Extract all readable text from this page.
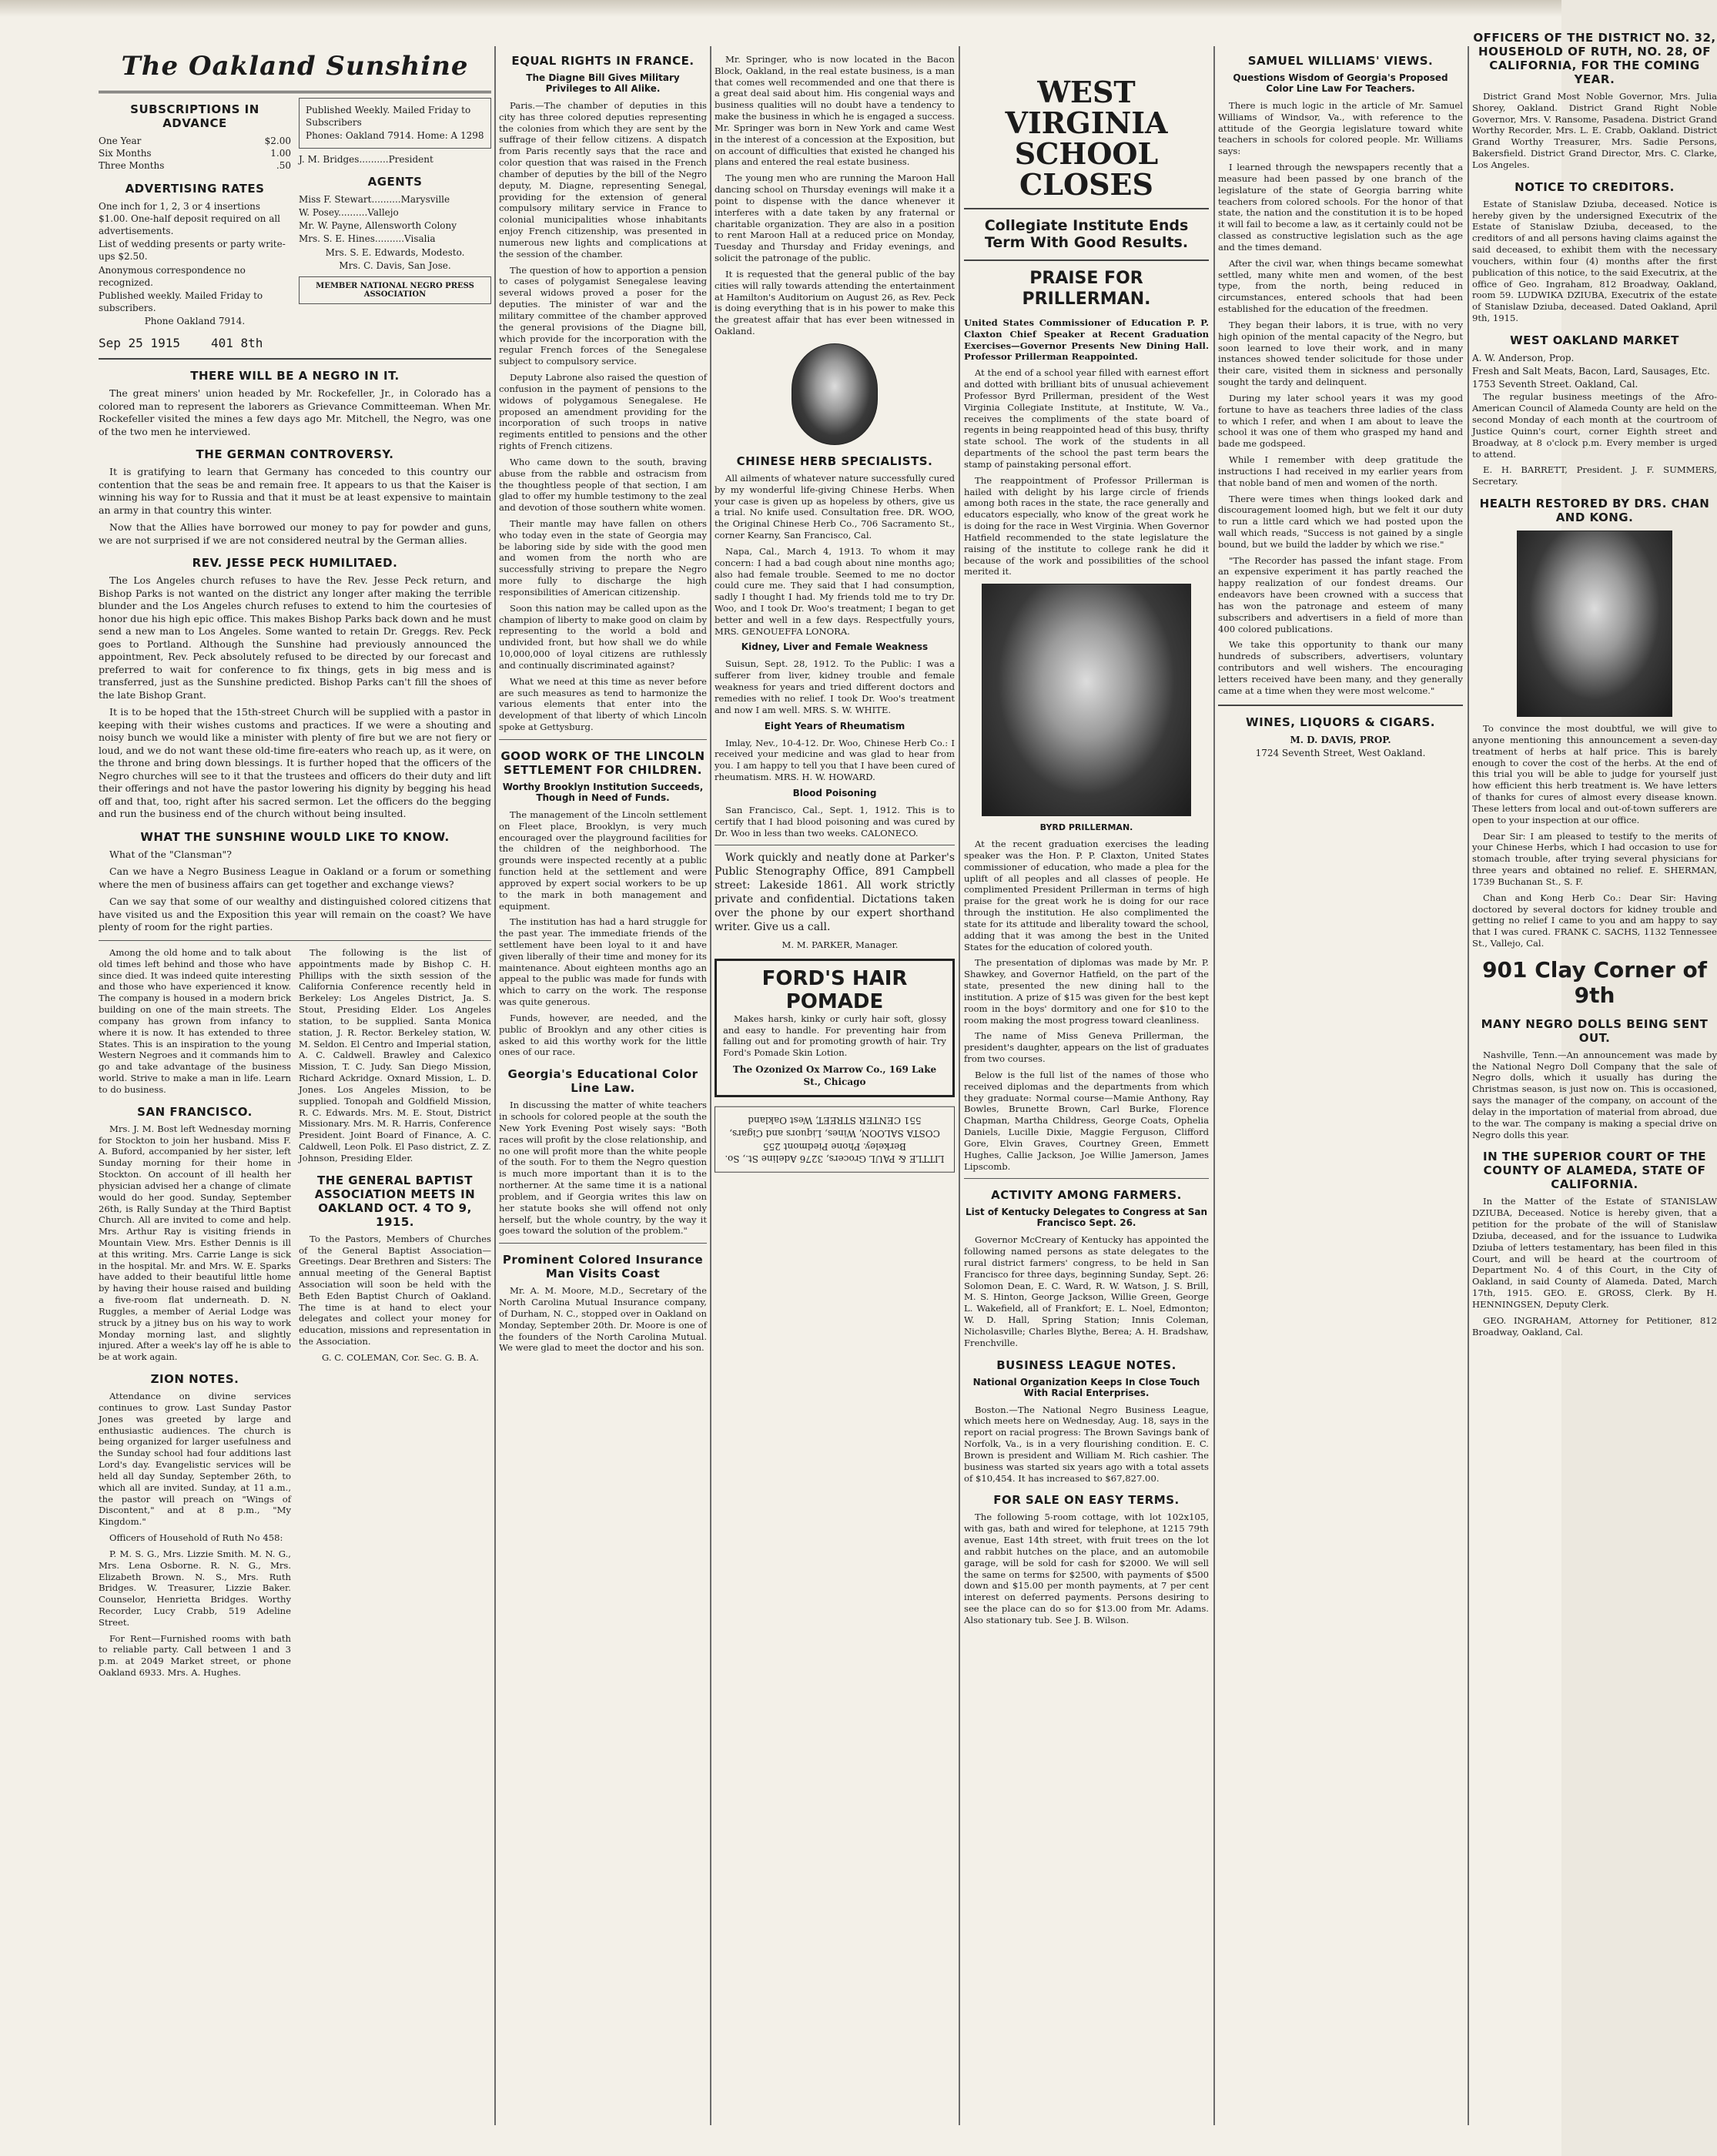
The Oakland Sunshine
SUBSCRIPTIONS IN ADVANCE
One Year	$2.00
Six Months	1.00
Three Months	.50
ADVERTISING RATES
One inch for 1, 2, 3 or 4 insertions $1.00. One-half deposit required on all advertisements.
List of wedding presents or party write-ups $2.50.
Anonymous correspondence no recognized.
Published weekly. Mailed Friday to subscribers.
Phone Oakland 7914.
Published Weekly. Mailed Friday to Subscribers
Phones: Oakland 7914. Home: A 1298
J. M. Bridges..........President
AGENTS
Miss F. Stewart..........Marysville
W. Posey..........Vallejo
Mr. W. Payne, Allensworth Colony
Mrs. S. E. Hines..........Visalia
Mrs. S. E. Edwards, Modesto.
Mrs. C. Davis, San Jose.
MEMBER NATIONAL NEGRO PRESS ASSOCIATION
Sep 25 1915	401 8th
THERE WILL BE A NEGRO IN IT.

The great miners' union headed by Mr. Rockefeller, Jr., in Colorado has a colored man to represent the laborers as Grievance Committeeman. When Mr. Rockefeller visited the mines a few days ago Mr. Mitchell, the Negro, was one of the two men he interviewed.

THE GERMAN CONTROVERSY.

It is gratifying to learn that Germany has conceded to this country our contention that the seas be and remain free. It appears to us that the Kaiser is winning his way for to Russia and that it must be at least expensive to maintain an army in that country this winter.

Now that the Allies have borrowed our money to pay for powder and guns, we are not surprised if we are not considered neutral by the German allies.

REV. JESSE PECK HUMILITAED.

The Los Angeles church refuses to have the Rev. Jesse Peck return, and Bishop Parks is not wanted on the district any longer after making the terrible blunder and the Los Angeles church refuses to extend to him the courtesies of honor due his high epic office. This makes Bishop Parks back down and he must send a new man to Los Angeles. Some wanted to retain Dr. Greggs. Rev. Peck goes to Portland. Although the Sunshine had previously announced the appointment, Rev. Peck absolutely refused to be directed by our forecast and preferred to wait for conference to fix things, gets in big mess and is transferred, just as the Sunshine predicted. Bishop Parks can't fill the shoes of the late Bishop Grant.

It is to be hoped that the 15th-street Church will be supplied with a pastor in keeping with their wishes customs and practices. If we were a shouting and noisy bunch we would like a minister with plenty of fire but we are not fiery or loud, and we do not want these old-time fire-eaters who reach up, as it were, on the throne and bring down blessings. It is further hoped that the officers of the Negro churches will see to it that the trustees and officers do their duty and lift their offerings and not have the pastor lowering his dignity by begging his head off and that, too, right after his sacred sermon. Let the officers do the begging and run the business end of the church without being insulted.

WHAT THE SUNSHINE WOULD LIKE TO KNOW.

What of the "Clansman"?

Can we have a Negro Business League in Oakland or a forum or something where the men of business affairs can get together and exchange views?

Can we say that some of our wealthy and distinguished colored citizens that have visited us and the Exposition this year will remain on the coast? We have plenty of room for the right parties.

Among the old home and to talk about old times left behind and those who have since died. It was indeed quite interesting and those who have experienced it know. The company is housed in a modern brick building on one of the main streets. The company has grown from infancy to where it is now. It has extended to three States. This is an inspiration to the young Western Negroes and it commands him to go and take advantage of the business world. Strive to make a man in life. Learn to do business.

SAN FRANCISCO.

Mrs. J. M. Bost left Wednesday morning for Stockton to join her husband. Miss F. A. Buford, accompanied by her sister, left Sunday morning for their home in Stockton. On account of ill health her physician advised her a change of climate would do her good. Sunday, September 26th, is Rally Sunday at the Third Baptist Church. All are invited to come and help. Mrs. Arthur Ray is visiting friends in Mountain View. Mrs. Esther Dennis is ill at this writing. Mrs. Carrie Lange is sick in the hospital. Mr. and Mrs. W. E. Sparks have added to their beautiful little home by having their house raised and building a five-room flat underneath. D. N. Ruggles, a member of Aerial Lodge was struck by a jitney bus on his way to work Monday morning last, and slightly injured. After a week's lay off he is able to be at work again.

ZION NOTES.

Attendance on divine services continues to grow. Last Sunday Pastor Jones was greeted by large and enthusiastic audiences. The church is being organized for larger usefulness and the Sunday school had four additions last Lord's day. Evangelistic services will be held all day Sunday, September 26th, to which all are invited. Sunday, at 11 a.m., the pastor will preach on "Wings of Discontent," and at 8 p.m., "My Kingdom."

Officers of Household of Ruth No 458:

P. M. S. G., Mrs. Lizzie Smith. M. N. G., Mrs. Lena Osborne. R. N. G., Mrs. Elizabeth Brown. N. S., Mrs. Ruth Bridges. W. Treasurer, Lizzie Baker. Counselor, Henrietta Bridges. Worthy Recorder, Lucy Crabb, 519 Adeline Street.

For Rent—Furnished rooms with bath to reliable party. Call between 1 and 3 p.m. at 2049 Market street, or phone Oakland 6933. Mrs. A. Hughes.

The following is the list of appointments made by Bishop C. H. Phillips with the sixth session of the California Conference recently held in Berkeley: Los Angeles District, Ja. S. Stout, Presiding Elder. Los Angeles station, to be supplied. Santa Monica station, J. R. Rector. Berkeley station, W. M. Seldon. El Centro and Imperial station, A. C. Caldwell. Brawley and Calexico Mission, T. C. Judy. San Diego Mission, Richard Ackridge. Oxnard Mission, L. D. Jones. Los Angeles Mission, to be supplied. Tonopah and Goldfield Mission, R. C. Edwards. Mrs. M. E. Stout, District Missionary. Mrs. M. R. Harris, Conference President. Joint Board of Finance, A. C. Caldwell, Leon Polk. El Paso district, Z. Z. Johnson, Presiding Elder.

THE GENERAL BAPTIST ASSOCIATION MEETS IN OAKLAND OCT. 4 TO 9, 1915.

To the Pastors, Members of Churches of the General Baptist Association—Greetings. Dear Brethren and Sisters: The annual meeting of the General Baptist Association will soon be held with the Beth Eden Baptist Church of Oakland. The time is at hand to elect your delegates and collect your money for education, missions and representation in the Association.

G. C. COLEMAN, Cor. Sec. G. B. A.

EQUAL RIGHTS IN FRANCE.
The Diagne Bill Gives Military Privileges to All Alike.

Paris.—The chamber of deputies in this city has three colored deputies representing the colonies from which they are sent by the suffrage of their fellow citizens. A dispatch from Paris recently says that the race and color question that was raised in the French chamber of deputies by the bill of the Negro deputy, M. Diagne, representing Senegal, providing for the extension of general compulsory military service in France to colonial municipalities whose inhabitants enjoy French citizenship, was presented in numerous new lights and complications at the session of the chamber.

The question of how to apportion a pension to cases of polygamist Senegalese leaving several widows proved a poser for the deputies. The minister of war and the military committee of the chamber approved the general provisions of the Diagne bill, which provide for the incorporation with the regular French forces of the Senegalese subject to compulsory service.

Deputy Labrone also raised the question of confusion in the payment of pensions to the widows of polygamous Senegalese. He proposed an amendment providing for the incorporation of such troops in native regiments entitled to pensions and the other rights of French citizens.

Who came down to the south, braving abuse from the rabble and ostracism from the thoughtless people of that section, I am glad to offer my humble testimony to the zeal and devotion of those southern white women.

Their mantle may have fallen on others who today even in the state of Georgia may be laboring side by side with the good men and women from the north who are successfully striving to prepare the Negro more fully to discharge the high responsibilities of American citizenship.

Soon this nation may be called upon as the champion of liberty to make good on claim by representing to the world a bold and undivided front, but how shall we do while 10,000,000 of loyal citizens are ruthlessly and continually discriminated against?

What we need at this time as never before are such measures as tend to harmonize the various elements that enter into the development of that liberty of which Lincoln spoke at Gettysburg.

GOOD WORK OF THE LINCOLN SETTLEMENT FOR CHILDREN.
Worthy Brooklyn Institution Succeeds, Though in Need of Funds.

The management of the Lincoln settlement on Fleet place, Brooklyn, is very much encouraged over the playground facilities for the children of the neighborhood. The grounds were inspected recently at a public function held at the settlement and were approved by expert social workers to be up to the mark in both management and equipment.

The institution has had a hard struggle for the past year. The immediate friends of the settlement have been loyal to it and have given liberally of their time and money for its maintenance. About eighteen months ago an appeal to the public was made for funds with which to carry on the work. The response was quite generous.

Funds, however, are needed, and the public of Brooklyn and any other cities is asked to aid this worthy work for the little ones of our race.

Georgia's Educational Color Line Law.

In discussing the matter of white teachers in schools for colored people at the south the New York Evening Post wisely says: "Both races will profit by the close relationship, and no one will profit more than the white people of the south. For to them the Negro question is much more important than it is to the northerner. At the same time it is a national problem, and if Georgia writes this law on her statute books she will offend not only herself, but the whole country, by the way it goes toward the solution of the problem."

Prominent Colored Insurance Man Visits Coast

Mr. A. M. Moore, M.D., Secretary of the North Carolina Mutual Insurance company, of Durham, N. C., stopped over in Oakland on Monday, September 20th. Dr. Moore is one of the founders of the North Carolina Mutual. We were glad to meet the doctor and his son.

Mr. Springer, who is now located in the Bacon Block, Oakland, in the real estate business, is a man that comes well recommended and one that there is a great deal said about him. His congenial ways and business qualities will no doubt have a tendency to make the business in which he is engaged a success. Mr. Springer was born in New York and came West in the interest of a concession at the Exposition, but on account of difficulties that existed he changed his plans and entered the real estate business.

The young men who are running the Maroon Hall dancing school on Thursday evenings will make it a point to dispense with the dance whenever it interferes with a date taken by any fraternal or charitable organization. They are also in a position to rent Maroon Hall at a reduced price on Monday, Tuesday and Thursday and Friday evenings, and solicit the patronage of the public.

It is requested that the general public of the bay cities will rally towards attending the entertainment at Hamilton's Auditorium on August 26, as Rev. Peck is doing everything that is in his power to make this the greatest affair that has ever been witnessed in Oakland.

CHINESE HERB SPECIALISTS.

All ailments of whatever nature successfully cured by my wonderful life-giving Chinese Herbs. When your case is given up as hopeless by others, give us a trial. No knife used. Consultation free. DR. WOO, the Original Chinese Herb Co., 706 Sacramento St., corner Kearny, San Francisco, Cal.

Napa, Cal., March 4, 1913. To whom it may concern: I had a bad cough about nine months ago; also had female trouble. Seemed to me no doctor could cure me. They said that I had consumption, sadly I thought I had. My friends told me to try Dr. Woo, and I took Dr. Woo's treatment; I began to get better and well in a few days. Respectfully yours, MRS. GENOUEFFA LONORA.

Kidney, Liver and Female Weakness

Suisun, Sept. 28, 1912. To the Public: I was a sufferer from liver, kidney trouble and female weakness for years and tried different doctors and remedies with no relief. I took Dr. Woo's treatment and now I am well. MRS. S. W. WHITE.

Eight Years of Rheumatism

Imlay, Nev., 10-4-12. Dr. Woo, Chinese Herb Co.: I received your medicine and was glad to hear from you. I am happy to tell you that I have been cured of rheumatism. MRS. H. W. HOWARD.

Blood Poisoning

San Francisco, Cal., Sept. 1, 1912. This is to certify that I had blood poisoning and was cured by Dr. Woo in less than two weeks. CALONECO.

Work quickly and neatly done at Parker's Public Stenography Office, 891 Campbell street: Lakeside 1861. All work strictly private and confidential. Dictations taken over the phone by our expert shorthand writer. Give us a call.

M. M. PARKER, Manager.

FORD'S HAIR POMADE

Makes harsh, kinky or curly hair soft, glossy and easy to handle. For preventing hair from falling out and for promoting growth of hair. Try Ford's Pomade Skin Lotion.

The Ozonized Ox Marrow Co., 169 Lake St., Chicago
LITTLE & PAUL Grocers, 3276 Adeline St., So. Berkeley. Phone Piedmont 255
COSTA SALOON, Wines, Liquors and Cigars, 551 CENTER STREET, West Oakland
WEST VIRGINIA SCHOOL CLOSES
Collegiate Institute Ends Term With Good Results.
PRAISE FOR PRILLERMAN.

United States Commissioner of Education P. P. Claxton Chief Speaker at Recent Graduation Exercises—Governor Presents New Dining Hall. Professor Prillerman Reappointed.

At the end of a school year filled with earnest effort and dotted with brilliant bits of unusual achievement Professor Byrd Prillerman, president of the West Virginia Collegiate Institute, at Institute, W. Va., receives the compliments of the state board of regents in being reappointed head of this busy, thrifty state school. The work of the students in all departments of the school the past term bears the stamp of painstaking personal effort.

The reappointment of Professor Prillerman is hailed with delight by his large circle of friends among both races in the state, the race generally and educators especially, who know of the great work he is doing for the race in West Virginia. When Governor Hatfield recommended to the state legislature the raising of the institute to college rank he did it because of the work and possibilities of the school merited it.

BYRD PRILLERMAN.

At the recent graduation exercises the leading speaker was the Hon. P. P. Claxton, United States commissioner of education, who made a plea for the uplift of all peoples and all classes of people. He complimented President Prillerman in terms of high praise for the great work he is doing for our race through the institution. He also complimented the state for its attitude and liberality toward the school, adding that it was among the best in the United States for the education of colored youth.

The presentation of diplomas was made by Mr. P. Shawkey, and Governor Hatfield, on the part of the state, presented the new dining hall to the institution. A prize of $15 was given for the best kept room in the boys' dormitory and one for $10 to the room making the most progress toward cleanliness.

The name of Miss Geneva Prillerman, the president's daughter, appears on the list of graduates from two courses.

Below is the full list of the names of those who received diplomas and the departments from which they graduate: Normal course—Mamie Anthony, Ray Bowles, Brunette Brown, Carl Burke, Florence Chapman, Martha Childress, George Coats, Ophelia Daniels, Lucille Dixie, Maggie Ferguson, Clifford Gore, Elvin Graves, Courtney Green, Emmett Hughes, Callie Jackson, Joe Willie Jamerson, James Lipscomb.

ACTIVITY AMONG FARMERS.
List of Kentucky Delegates to Congress at San Francisco Sept. 26.

Governor McCreary of Kentucky has appointed the following named persons as state delegates to the rural district farmers' congress, to be held in San Francisco for three days, beginning Sunday, Sept. 26: Solomon Dean, E. C. Ward, R. W. Watson, J. S. Brill, M. S. Hinton, George Jackson, Willie Green, George L. Wakefield, all of Frankfort; E. L. Noel, Edmonton; W. D. Hall, Spring Station; Innis Coleman, Nicholasville; Charles Blythe, Berea; A. H. Bradshaw, Frenchville.

BUSINESS LEAGUE NOTES.
National Organization Keeps In Close Touch With Racial Enterprises.

Boston.—The National Negro Business League, which meets here on Wednesday, Aug. 18, says in the report on racial progress: The Brown Savings bank of Norfolk, Va., is in a very flourishing condition. E. C. Brown is president and William M. Rich cashier. The business was started six years ago with a total assets of $10,454. It has increased to $67,827.00.

FOR SALE ON EASY TERMS.

The following 5-room cottage, with lot 102x105, with gas, bath and wired for telephone, at 1215 79th avenue, East 14th street, with fruit trees on the lot and rabbit hutches on the place, and an automobile garage, will be sold for cash for $2000. We will sell the same on terms for $2500, with payments of $500 down and $15.00 per month payments, at 7 per cent interest on deferred payments. Persons desiring to see the place can do so for $13.00 from Mr. Adams. Also stationary tub. See J. B. Wilson.

SAMUEL WILLIAMS' VIEWS.
Questions Wisdom of Georgia's Proposed Color Line Law For Teachers.

There is much logic in the article of Mr. Samuel Williams of Windsor, Va., with reference to the attitude of the Georgia legislature toward white teachers in schools for colored people. Mr. Williams says:

I learned through the newspapers recently that a measure had been passed by one branch of the legislature of the state of Georgia barring white teachers from colored schools. For the honor of that state, the nation and the constitution it is to be hoped it will fail to become a law, as it certainly could not be classed as constructive legislation such as the age and the times demand.

After the civil war, when things became somewhat settled, many white men and women, of the best type, from the north, being reduced in circumstances, entered schools that had been established for the education of the freedmen.

They began their labors, it is true, with no very high opinion of the mental capacity of the Negro, but soon learned to love their work, and in many instances showed tender solicitude for those under their care, visited them in sickness and personally sought the tardy and delinquent.

During my later school years it was my good fortune to have as teachers three ladies of the class to which I refer, and when I am about to leave the school it was one of them who grasped my hand and bade me godspeed.

While I remember with deep gratitude the instructions I had received in my earlier years from that noble band of men and women of the north.

There were times when things looked dark and discouragement loomed high, but we felt it our duty to run a little card which we had posted upon the wall which reads, "Success is not gained by a single bound, but we build the ladder by which we rise."

"The Recorder has passed the infant stage. From an expensive experiment it has partly reached the happy realization of our fondest dreams. Our endeavors have been crowned with a success that has won the patronage and esteem of many subscribers and advertisers in a field of more than 400 colored publications.

We take this opportunity to thank our many hundreds of subscribers, advertisers, voluntary contributors and well wishers. The encouraging letters received have been many, and they generally came at a time when they were most welcome."

WINES, LIQUORS & CIGARS.
M. D. DAVIS, PROP.
1724 Seventh Street, West Oakland.
OFFICERS OF THE DISTRICT NO. 32, HOUSEHOLD OF RUTH, NO. 28, OF CALIFORNIA, FOR THE COMING YEAR.

District Grand Most Noble Governor, Mrs. Julia Shorey, Oakland. District Grand Right Noble Governor, Mrs. V. Ransome, Pasadena. District Grand Worthy Recorder, Mrs. L. E. Crabb, Oakland. District Grand Worthy Treasurer, Mrs. Sadie Persons, Bakersfield. District Grand Director, Mrs. C. Clarke, Los Angeles.

NOTICE TO CREDITORS.

Estate of Stanislaw Dziuba, deceased. Notice is hereby given by the undersigned Executrix of the Estate of Stanislaw Dziuba, deceased, to the creditors of and all persons having claims against the said deceased, to exhibit them with the necessary vouchers, within four (4) months after the first publication of this notice, to the said Executrix, at the office of Geo. Ingraham, 812 Broadway, Oakland, room 59. LUDWIKA DZIUBA, Executrix of the estate of Stanislaw Dziuba, deceased. Dated Oakland, April 9th, 1915.

WEST OAKLAND MARKET
A. W. Anderson, Prop.
Fresh and Salt Meats, Bacon, Lard, Sausages, Etc.
1753 Seventh Street. Oakland, Cal.

The regular business meetings of the Afro-American Council of Alameda County are held on the second Monday of each month at the courtroom of Justice Quinn's court, corner Eighth street and Broadway, at 8 o'clock p.m. Every member is urged to attend.

E. H. BARRETT, President. J. F. SUMMERS, Secretary.

HEALTH RESTORED BY DRS. CHAN AND KONG.

To convince the most doubtful, we will give to anyone mentioning this announcement a seven-day treatment of herbs at half price. This is barely enough to cover the cost of the herbs. At the end of this trial you will be able to judge for yourself just how efficient this herb treatment is. We have letters of thanks for cures of almost every disease known. These letters from local and out-of-town sufferers are open to your inspection at our office.

Dear Sir: I am pleased to testify to the merits of your Chinese Herbs, which I had occasion to use for stomach trouble, after trying several physicians for three years and obtained no relief. E. SHERMAN, 1739 Buchanan St., S. F.

Chan and Kong Herb Co.: Dear Sir: Having doctored by several doctors for kidney trouble and getting no relief I came to you and am happy to say that I was cured. FRANK C. SACHS, 1132 Tennessee St., Vallejo, Cal.

901 Clay Corner of 9th
MANY NEGRO DOLLS BEING SENT OUT.

Nashville, Tenn.—An announcement was made by the National Negro Doll Company that the sale of Negro dolls, which it usually has during the Christmas season, is just now on. This is occasioned, says the manager of the company, on account of the delay in the importation of material from abroad, due to the war. The company is making a special drive on Negro dolls this year.

IN THE SUPERIOR COURT OF THE COUNTY OF ALAMEDA, STATE OF CALIFORNIA.

In the Matter of the Estate of STANISLAW DZIUBA, Deceased. Notice is hereby given, that a petition for the probate of the will of Stanislaw Dziuba, deceased, and for the issuance to Ludwika Dziuba of letters testamentary, has been filed in this Court, and will be heard at the courtroom of Department No. 4 of this Court, in the City of Oakland, in said County of Alameda. Dated, March 17th, 1915. GEO. E. GROSS, Clerk. By H. HENNINGSEN, Deputy Clerk.

GEO. INGRAHAM, Attorney for Petitioner, 812 Broadway, Oakland, Cal.
